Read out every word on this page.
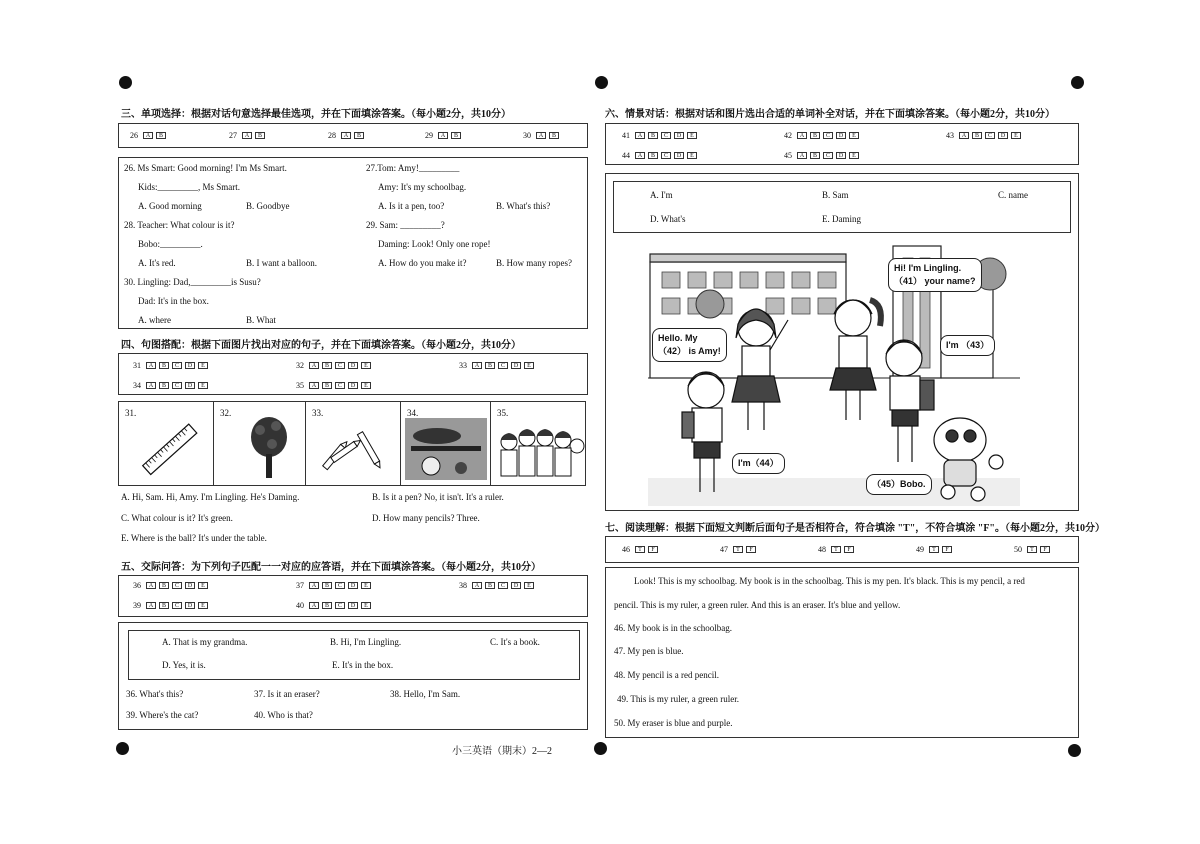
三、单项选择：根据对话句意选择最佳选项，并在下面填涂答案。（每小题2分，共10分）
26	A	B	27	A	B	28	A	B	29	A	B	30	A	B
26. Ms Smart: Good morning! I'm Ms Smart.
Kids:_________, Ms Smart.
A. Good morning	B. Goodbye
27.Tom: Amy!_________
Amy: It's my schoolbag.
A. Is it a pen, too?	B. What's this?
28. Teacher: What colour is it?
Bobo:_________.
A. It's red.	B. I want a balloon.
29. Sam: _________?
Daming: Look! Only one rope!
A. How do you make it?	B. How many ropes?
30. Lingling: Dad,_________is Susu?
Dad: It's in the box.
A. where	B. What
四、句图搭配：根据下面图片找出对应的句子，并在下面填涂答案。（每小题2分，共10分）
31	A	B	C	D	E	32	A	B	C	D	E	33	A	B	C	D	E
34	A	B	C	D	E	35	A	B	C	D	E
31.	32.	33.	34.	35.
A. Hi, Sam. Hi, Amy. I'm Lingling. He's Daming.	B. Is it a pen? No, it isn't. It's a ruler.
C. What colour is it? It's green.	D. How many pencils? Three.
E. Where is the ball? It's under the table.
五、交际问答：为下列句子匹配一一对应的应答语，并在下面填涂答案。（每小题2分，共10分）
36	A	B	C	D	E	37	A	B	C	D	E	38	A	B	C	D	E
39	A	B	C	D	E	40	A	B	C	D	E
A. That is my grandma.	B. Hi, I'm Lingling.	C. It's a book.
D. Yes, it is.	E. It's in the box.
36. What's this?	37. Is it an eraser?	38. Hello, I'm Sam.
39. Where's the cat?	40. Who is that?
小三英语（期末）2—2
六、情景对话：根据对话和图片选出合适的单词补全对话，并在下面填涂答案。（每小题2分，共10分）
41	A	B	C	D	E	42	A	B	C	D	E	43	A	B	C	D	E
44	A	B	C	D	E	45	A	B	C	D	E
A. I'm	B. Sam	C. name
D. What's	E. Daming
Hi! I'm Lingling.
（41） your name?
Hello. My
（42） is Amy!
I'm （43）
I'm（44）
（45）Bobo.
七、阅读理解：根据下面短文判断后面句子是否相符合，符合填涂 "T"，不符合填涂 "F"。（每小题2分，共10分）
46	T	F	47	T	F	48	T	F	49	T	F	50	T	F
Look! This is my schoolbag. My book is in the schoolbag. This is my pen. It's black. This is my pencil, a red
pencil. This is my ruler, a green ruler. And this is an eraser. It's blue and yellow.
46. My book is in the schoolbag.
47. My pen is blue.
48. My pencil is a red pencil.
49. This is my ruler, a green ruler.
50. My eraser is blue and purple.
